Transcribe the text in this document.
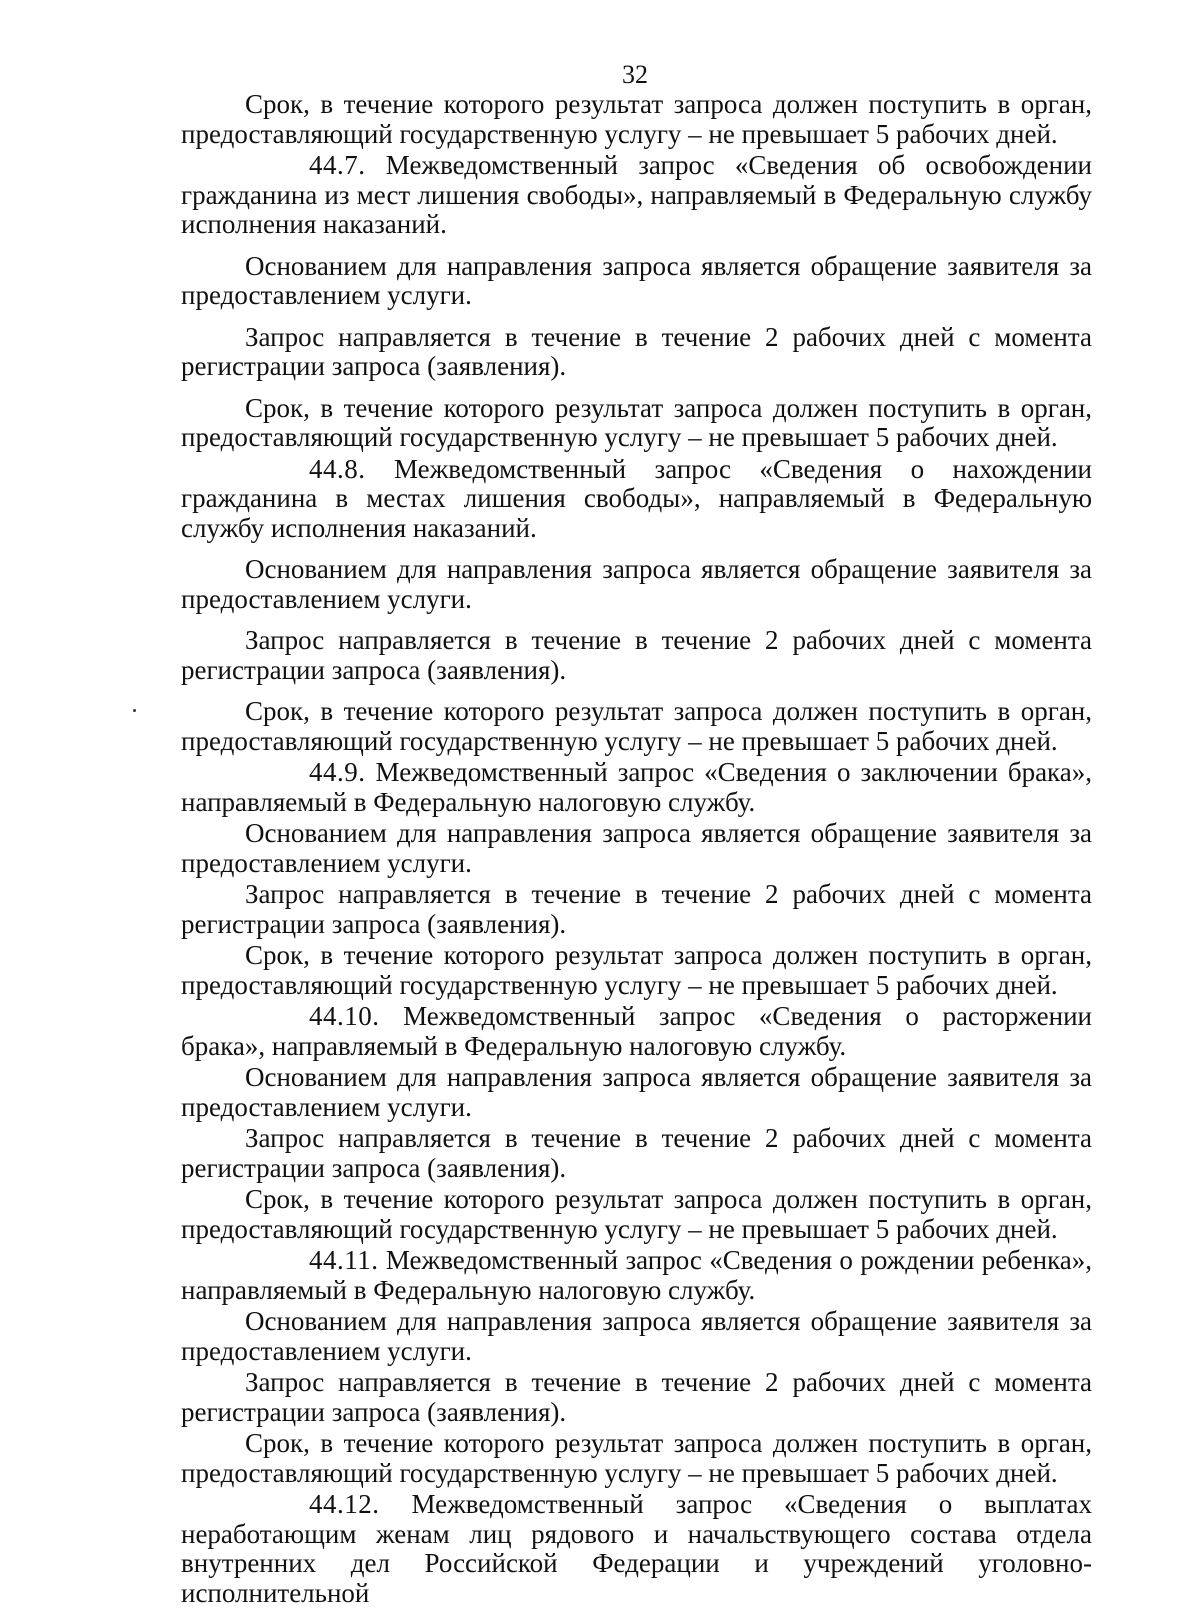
32

Срок, в течение которого результат запроса должен поступить в орган, предоставляющий государственную услугу – не превышает 5 рабочих дней.

44.7. Межведомственный запрос «Сведения об освобождении гражданина из мест лишения свободы», направляемый в Федеральную службу исполнения наказаний.

Основанием для направления запроса является обращение заявителя за предоставлением услуги.

Запрос направляется в течение в течение 2 рабочих дней с момента регистрации запроса (заявления).

Срок, в течение которого результат запроса должен поступить в орган, предоставляющий государственную услугу – не превышает 5 рабочих дней.

44.8. Межведомственный запрос «Сведения о нахождении гражданина в местах лишения свободы», направляемый в Федеральную службу исполнения наказаний.

Основанием для направления запроса является обращение заявителя за предоставлением услуги.

Запрос направляется в течение в течение 2 рабочих дней с момента регистрации запроса (заявления).

Срок, в течение которого результат запроса должен поступить в орган, предоставляющий государственную услугу – не превышает 5 рабочих дней.

44.9. Межведомственный запрос «Сведения о заключении брака», направляемый в Федеральную налоговую службу.

Основанием для направления запроса является обращение заявителя за предоставлением услуги.

Запрос направляется в течение в течение 2 рабочих дней с момента регистрации запроса (заявления).

Срок, в течение которого результат запроса должен поступить в орган, предоставляющий государственную услугу – не превышает 5 рабочих дней.

44.10. Межведомственный запрос «Сведения о расторжении брака», направляемый в Федеральную налоговую службу.

Основанием для направления запроса является обращение заявителя за предоставлением услуги.

Запрос направляется в течение в течение 2 рабочих дней с момента регистрации запроса (заявления).

Срок, в течение которого результат запроса должен поступить в орган, предоставляющий государственную услугу – не превышает 5 рабочих дней.

44.11. Межведомственный запрос «Сведения о рождении ребенка», направляемый в Федеральную налоговую службу.

Основанием для направления запроса является обращение заявителя за предоставлением услуги.

Запрос направляется в течение в течение 2 рабочих дней с момента регистрации запроса (заявления).

Срок, в течение которого результат запроса должен поступить в орган, предоставляющий государственную услугу – не превышает 5 рабочих дней.

44.12. Межведомственный запрос «Сведения о выплатах неработающим женам лиц рядового и начальствующего состава отдела внутренних дел Российской Федерации и учреждений уголовно-исполнительной
